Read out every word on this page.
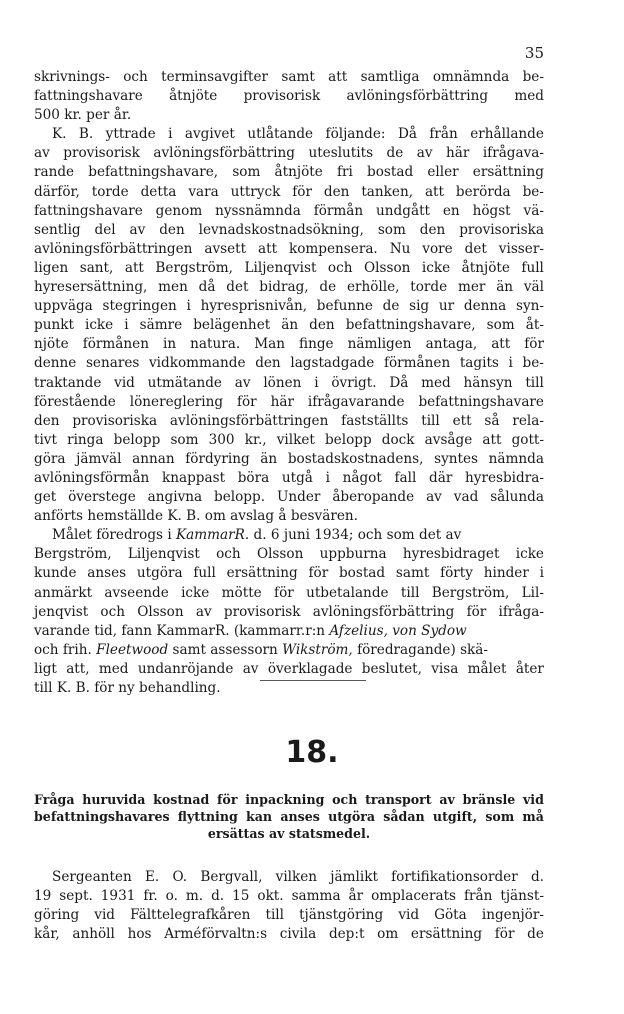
35
skrivnings- och terminsavgifter samt att samtliga omnämnda be-
fattningshavare åtnjöte provisorisk avlöningsförbättring med
500 kr. per år.
K. B. yttrade i avgivet utlåtande följande: Då från erhållande
av provisorisk avlöningsförbättring uteslutits de av här ifrågava-
rande befattningshavare, som åtnjöte fri bostad eller ersättning
därför, torde detta vara uttryck för den tanken, att berörda be-
fattningshavare genom nyssnämnda förmån undgått en högst vä-
sentlig del av den levnadskostnadsökning, som den provisoriska
avlöningsförbättringen avsett att kompensera. Nu vore det visser-
ligen sant, att Bergström, Liljenqvist och Olsson icke åtnjöte full
hyresersättning, men då det bidrag, de erhölle, torde mer än väl
uppväga stegringen i hyresprisnivån, befunne de sig ur denna syn-
punkt icke i sämre belägenhet än den befattningshavare, som åt-
njöte förmånen in natura. Man finge nämligen antaga, att för
denne senares vidkommande den lagstadgade förmånen tagits i be-
traktande vid utmätande av lönen i övrigt. Då med hänsyn till
förestående lönereglering för här ifrågavarande befattningshavare
den provisoriska avlöningsförbättringen fastställts till ett så rela-
tivt ringa belopp som 300 kr., vilket belopp dock avsåge att gott-
göra jämväl annan fördyring än bostadskostnadens, syntes nämnda
avlöningsförmån knappast böra utgå i något fall där hyresbidra-
get överstege angivna belopp. Under åberopande av vad sålunda
anförts hemställde K. B. om avslag å besvären.
Målet föredrogs i KammarR. d. 6 juni 1934; och som det av
Bergström, Liljenqvist och Olsson uppburna hyresbidraget icke
kunde anses utgöra full ersättning för bostad samt förty hinder i
anmärkt avseende icke mötte för utbetalande till Bergström, Lil-
jenqvist och Olsson av provisorisk avlöningsförbättring för ifråga-
varande tid, fann KammarR. (kammarr.r:n Afzelius, von Sydow
och frih. Fleetwood samt assessorn Wikström, föredragande) skä-
ligt att, med undanröjande av överklagade beslutet, visa målet åter
till K. B. för ny behandling.
18.
Fråga huruvida kostnad för inpackning och transport av bränsle vid
befattningshavares flyttning kan anses utgöra sådan utgift, som må
ersättas av statsmedel.
Sergeanten E. O. Bergvall, vilken jämlikt fortifikationsorder d.
19 sept. 1931 fr. o. m. d. 15 okt. samma år omplacerats från tjänst-
göring vid Fälttelegrafkåren till tjänstgöring vid Göta ingenjör-
kår, anhöll hos Arméförvaltn:s civila dep:t om ersättning för de
